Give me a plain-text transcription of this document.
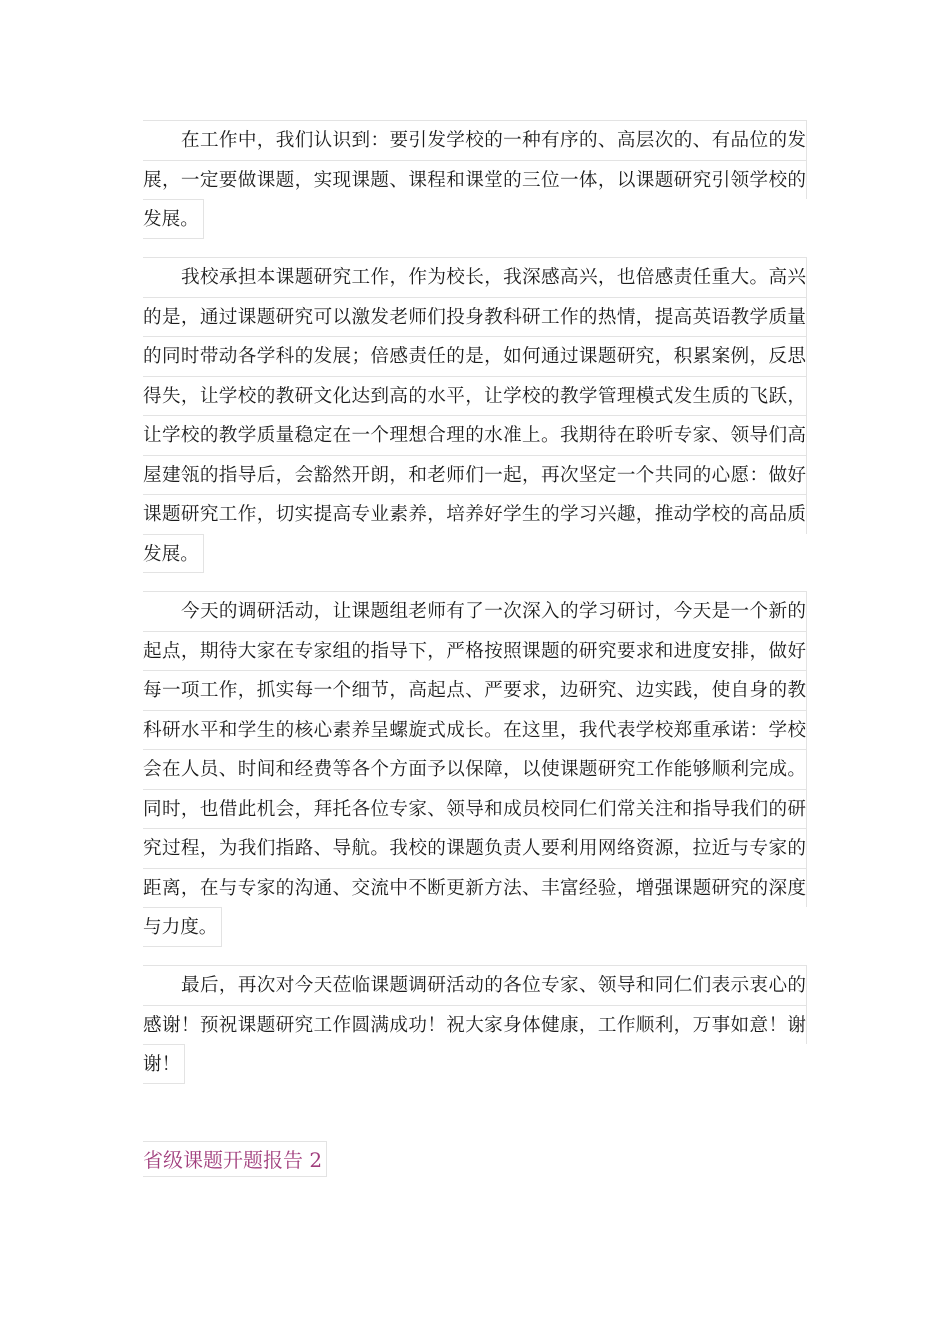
在工作中，我们认识到：要引发学校的一种有序的、高层次的、有品位的发
展，一定要做课题，实现课题、课程和课堂的三位一体，以课题研究引领学校的
发展。
我校承担本课题研究工作，作为校长，我深感高兴，也倍感责任重大。高兴
的是，通过课题研究可以激发老师们投身教科研工作的热情，提高英语教学质量
的同时带动各学科的发展；倍感责任的是，如何通过课题研究，积累案例，反思
得失，让学校的教研文化达到高的水平，让学校的教学管理模式发生质的飞跃，
让学校的教学质量稳定在一个理想合理的水准上。我期待在聆听专家、领导们高
屋建瓴的指导后，会豁然开朗，和老师们一起，再次坚定一个共同的心愿：做好
课题研究工作，切实提高专业素养，培养好学生的学习兴趣，推动学校的高品质
发展。
今天的调研活动，让课题组老师有了一次深入的学习研讨，今天是一个新的
起点，期待大家在专家组的指导下，严格按照课题的研究要求和进度安排，做好
每一项工作，抓实每一个细节，高起点、严要求，边研究、边实践，使自身的教
科研水平和学生的核心素养呈螺旋式成长。在这里，我代表学校郑重承诺：学校
会在人员、时间和经费等各个方面予以保障，以使课题研究工作能够顺利完成。
同时，也借此机会，拜托各位专家、领导和成员校同仁们常关注和指导我们的研
究过程，为我们指路、导航。我校的课题负责人要利用网络资源，拉近与专家的
距离，在与专家的沟通、交流中不断更新方法、丰富经验，增强课题研究的深度
与力度。
最后，再次对今天莅临课题调研活动的各位专家、领导和同仁们表示衷心的
感谢！预祝课题研究工作圆满成功！祝大家身体健康，工作顺利，万事如意！谢
谢！
省级课题开题报告 2
